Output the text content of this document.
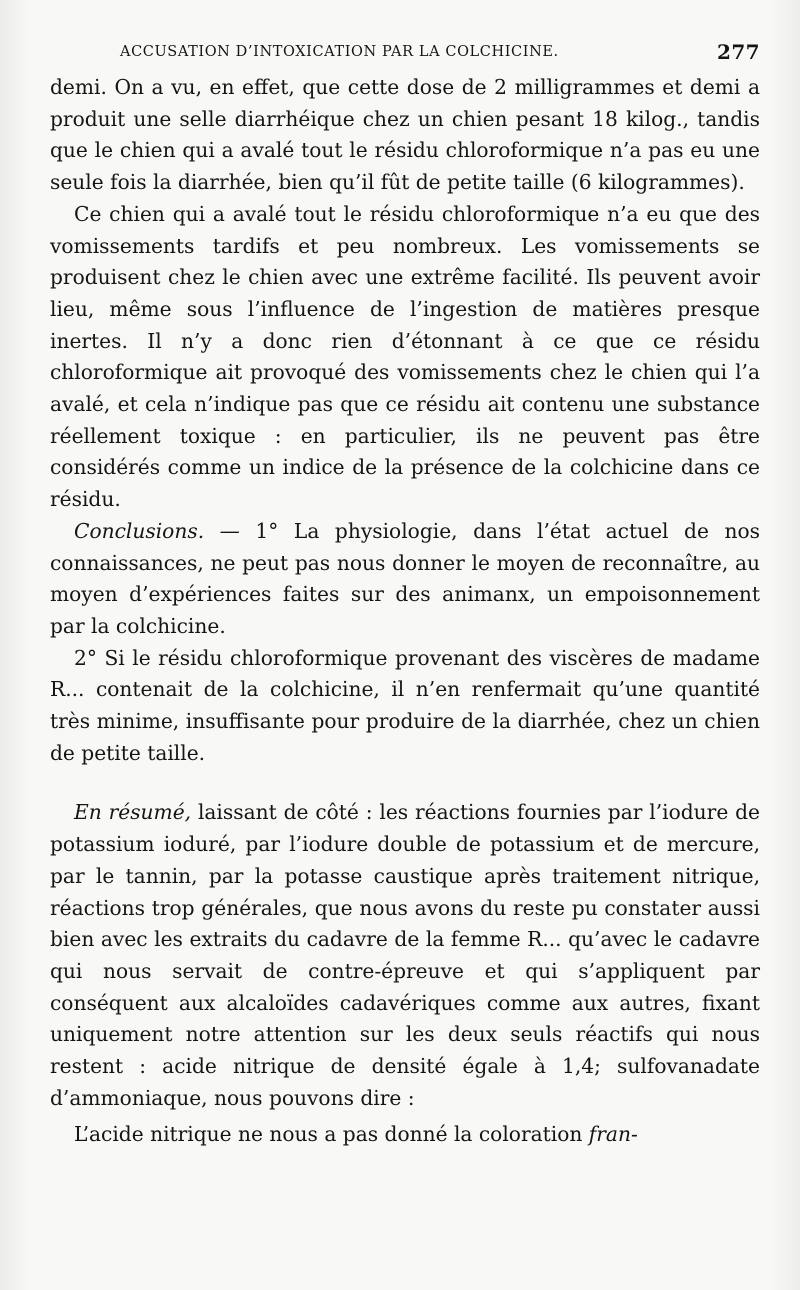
ACCUSATION D’INTOXICATION PAR LA COLCHICINE.	277

demi. On a vu, en effet, que cette dose de 2 milligrammes et demi a produit une selle diarrhéique chez un chien pesant 18 kilog., tandis que le chien qui a avalé tout le résidu chloroformique n’a pas eu une seule fois la diarrhée, bien qu’il fût de petite taille (6 kilogrammes).

Ce chien qui a avalé tout le résidu chloroformique n’a eu que des vomissements tardifs et peu nombreux. Les vomissements se produisent chez le chien avec une extrême facilité. Ils peuvent avoir lieu, même sous l’influence de l’ingestion de matières presque inertes. Il n’y a donc rien d’étonnant à ce que ce résidu chloroformique ait provoqué des vomissements chez le chien qui l’a avalé, et cela n’indique pas que ce résidu ait contenu une substance réellement toxique : en particulier, ils ne peuvent pas être considérés comme un indice de la présence de la colchicine dans ce résidu.

Conclusions. — 1° La physiologie, dans l’état actuel de nos connaissances, ne peut pas nous donner le moyen de reconnaître, au moyen d’expériences faites sur des animanx, un empoisonnement par la colchicine.

2° Si le résidu chloroformique provenant des viscères de madame R... contenait de la colchicine, il n’en renfermait qu’une quantité très minime, insuffisante pour produire de la diarrhée, chez un chien de petite taille.

En résumé, laissant de côté : les réactions fournies par l’iodure de potassium ioduré, par l’iodure double de potassium et de mercure, par le tannin, par la potasse caustique après traitement nitrique, réactions trop générales, que nous avons du reste pu constater aussi bien avec les extraits du cadavre de la femme R... qu’avec le cadavre qui nous servait de contre-épreuve et qui s’appliquent par conséquent aux alcaloïdes cadavériques comme aux autres, fixant uniquement notre attention sur les deux seuls réactifs qui nous restent : acide nitrique de densité égale à 1,4; sulfovanadate d’ammoniaque, nous pouvons dire :

L’acide nitrique ne nous a pas donné la coloration fran-
